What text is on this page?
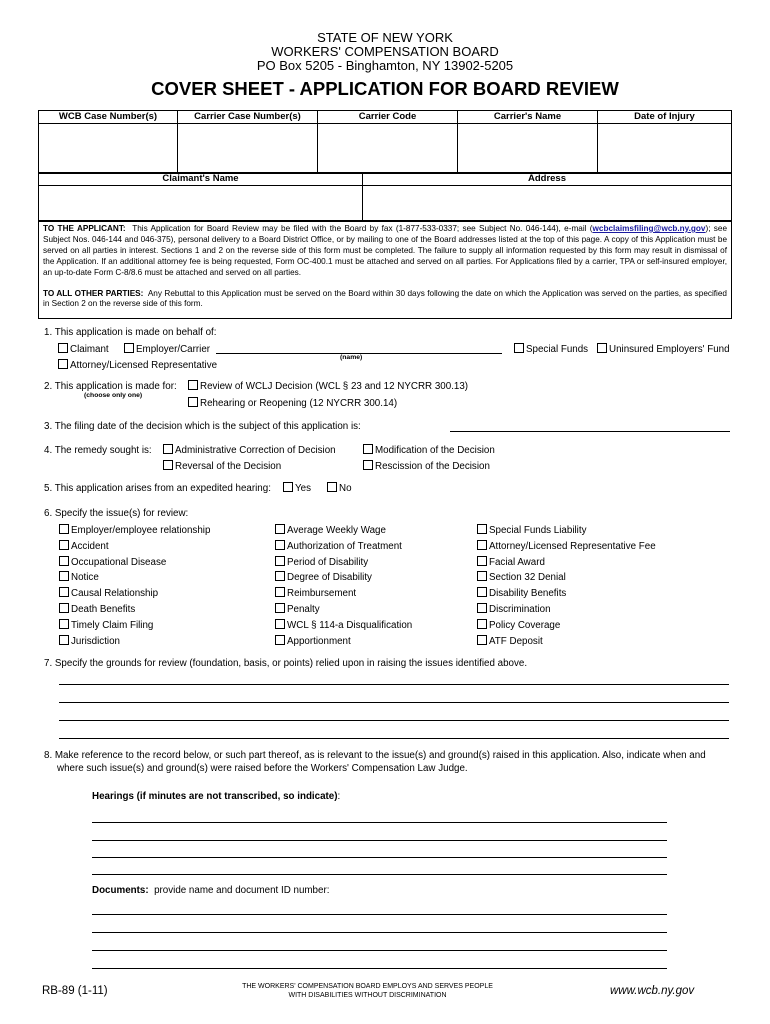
STATE OF NEW YORK
WORKERS' COMPENSATION BOARD
PO Box 5205 - Binghamton, NY 13902-5205
COVER SHEET - APPLICATION FOR BOARD REVIEW
WCB Case Number(s)	Carrier Case Number(s)	Carrier Code	Carrier's Name	Date of Injury
Claimant's Name	Address
TO THE APPLICANT: This Application for Board Review may be filed with the Board by fax (1-877-533-0337; see Subject No. 046-144), e-mail (wcbclaimsfiling@wcb.ny.gov); see Subject Nos. 046-144 and 046-375), personal delivery to a Board District Office, or by mailing to one of the Board addresses listed at the top of this page. A copy of this Application must be served on all parties in interest. Sections 1 and 2 on the reverse side of this form must be completed. The failure to supply all information requested by this form may result in dismissal of the Application. If an additional attorney fee is being requested, Form OC-400.1 must be attached and served on all parties. For Applications filed by a carrier, TPA or self-insured employer, an up-to-date Form C-8/8.6 must be attached and served on all parties.
TO ALL OTHER PARTIES: Any Rebuttal to this Application must be served on the Board within 30 days following the date on which the Application was served on the parties, as specified in Section 2 on the reverse side of this form.
1. This application is made on behalf of:
Claimant	Employer/Carrier
(name)
Special Funds	Uninsured Employers' Fund
Attorney/Licensed Representative
2. This application is made for:
(choose only one)
Review of WCLJ Decision (WCL § 23 and 12 NYCRR 300.13)
Rehearing or Reopening (12 NYCRR 300.14)
3. The filing date of the decision which is the subject of this application is:
4. The remedy sought is:	Administrative Correction of Decision	Modification of the Decision
Reversal of the Decision	Rescission of the Decision
5. This application arises from an expedited hearing:	Yes	No
6. Specify the issue(s) for review:
Employer/employee relationship
Accident
Occupational Disease
Notice
Causal Relationship
Death Benefits
Timely Claim Filing
Jurisdiction
Average Weekly Wage
Authorization of Treatment
Period of Disability
Degree of Disability
Reimbursement
Penalty
WCL § 114-a Disqualification
Apportionment
Special Funds Liability
Attorney/Licensed Representative Fee
Facial Award
Section 32 Denial
Disability Benefits
Discrimination
Policy Coverage
ATF Deposit
7. Specify the grounds for review (foundation, basis, or points) relied upon in raising the issues identified above.
8. Make reference to the record below, or such part thereof, as is relevant to the issue(s) and ground(s) raised in this application. Also, indicate when and
where such issue(s) and ground(s) were raised before the Workers' Compensation Law Judge.
Hearings (if minutes are not transcribed, so indicate):
Documents: provide name and document ID number:
RB-89 (1-11)	THE WORKERS' COMPENSATION BOARD EMPLOYS AND SERVES PEOPLE
WITH DISABILITIES WITHOUT DISCRIMINATION	www.wcb.ny.gov
